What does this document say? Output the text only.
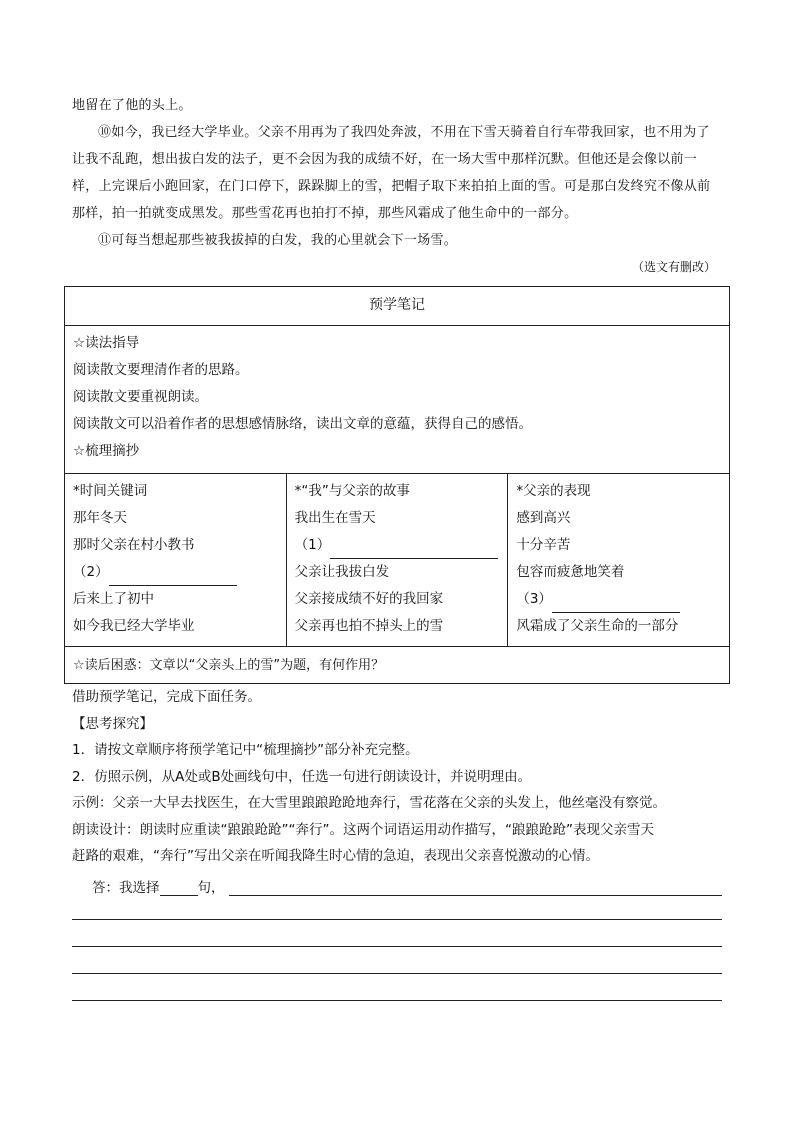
地留在了他的头上。

⑩如今，我已经大学毕业。父亲不用再为了我四处奔波，不用在下雪天骑着自行车带我回家，也不用为了让我不乱跑，想出拔白发的法子，更不会因为我的成绩不好，在一场大雪中那样沉默。但他还是会像以前一样，上完课后小跑回家，在门口停下，跺跺脚上的雪，把帽子取下来拍拍上面的雪。可是那白发终究不像从前那样，拍一拍就变成黑发。那些雪花再也拍打不掉，那些风霜成了他生命中的一部分。

⑪可每当想起那些被我拔掉的白发，我的心里就会下一场雪。

（选文有删改）
预学笔记
☆读法指导
阅读散文要理清作者的思路。
阅读散文要重视朗读。
阅读散文可以沿着作者的思想感情脉络，读出文章的意蕴，获得自己的感悟。
☆梳理摘抄
*时间关键词
那年冬天
那时父亲在村小教书
（2）
后来上了初中
如今我已经大学毕业
*“我”与父亲的故事
我出生在雪天
（1）
父亲让我拔白发
父亲接成绩不好的我回家
父亲再也拍不掉头上的雪
*父亲的表现
感到高兴
十分辛苦
包容而疲惫地笑着
（3）
风霜成了父亲生命的一部分
☆读后困惑：文章以“父亲头上的雪”为题，有何作用？
借助预学笔记，完成下面任务。
【思考探究】
1．请按文章顺序将预学笔记中“梳理摘抄”部分补充完整。
2．仿照示例，从A处或B处画线句中，任选一句进行朗读设计，并说明理由。
示例：父亲一大早去找医生，在大雪里踉踉跄跄地奔行，雪花落在父亲的头发上，他丝毫没有察觉。
朗读设计：朗读时应重读“踉踉跄跄”“奔行”。这两个词语运用动作描写，“踉踉跄跄”表现父亲雪天
赶路的艰难，“奔行”写出父亲在听闻我降生时心情的急迫，表现出父亲喜悦激动的心情。
答：我选择	句，
